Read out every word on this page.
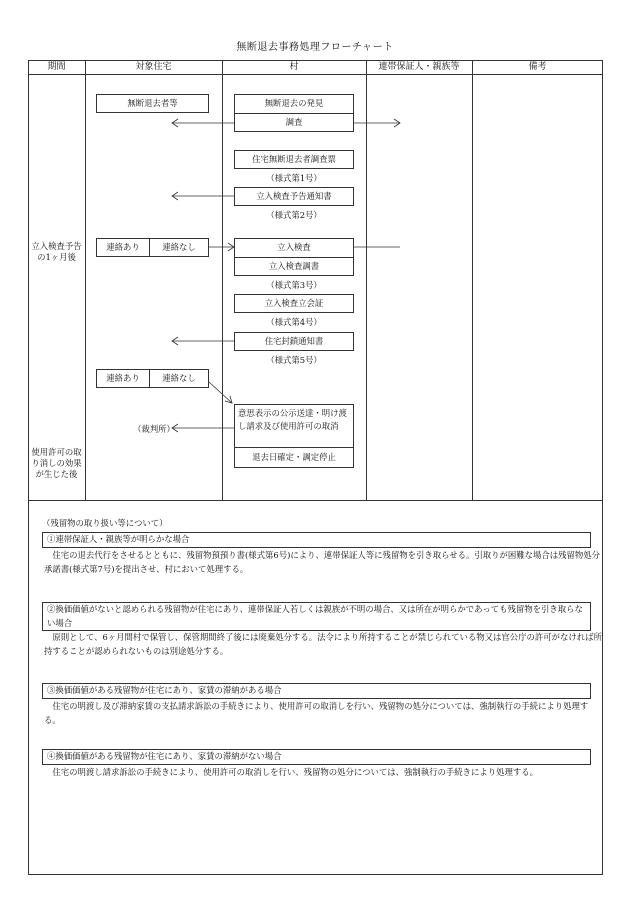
無断退去事務処理フローチャート
期間	対象住宅	村	連帯保証人・親族等	備考
立入検査予告の1ヶ月後
使用許可の取り消しの効果が生じた後
無断退去者等
連絡あり	連絡なし
連絡あり	連絡なし
（裁判所）
無断退去の発見
調査
住宅無断退去者調査票
（様式第1号）
立入検査予告通知書
（様式第2号）
立入検査
立入検査調書
（様式第3号）
立入検査立会証
（様式第4号）
住宅封鎖通知書
（様式第5号）
意思表示の公示送達・明け渡し請求及び使用許可の取消
退去日確定・調定停止
（残留物の取り扱い等について）
①連帯保証人・親族等が明らかな場合
住宅の退去代行をさせるとともに、残留物預預り書(様式第6号)により、連帯保証人等に残留物を引き取らせる。引取りが困難な場合は残留物処分承諾書(様式第7号)を提出させ、村において処理する。
②換価価値がないと認められる残留物が住宅にあり、連帯保証人若しくは親族が不明の場合、又は所在が明らかであっても残留物を引き取らない場合
原則として、6ヶ月間村で保管し、保管期間終了後には廃棄処分する。法令により所持することが禁じられている物又は官公庁の許可がなければ所持することが認められないものは別途処分する。
③換価価値がある残留物が住宅にあり、家賃の滞納がある場合
住宅の明渡し及び滞納家賃の支払請求訴訟の手続きにより、使用許可の取消しを行い、残留物の処分については、強制執行の手続により処理する。
④換価価値がある残留物が住宅にあり、家賃の滞納がない場合
住宅の明渡し請求訴訟の手続きにより、使用許可の取消しを行い、残留物の処分については、強制執行の手続きにより処理する。
